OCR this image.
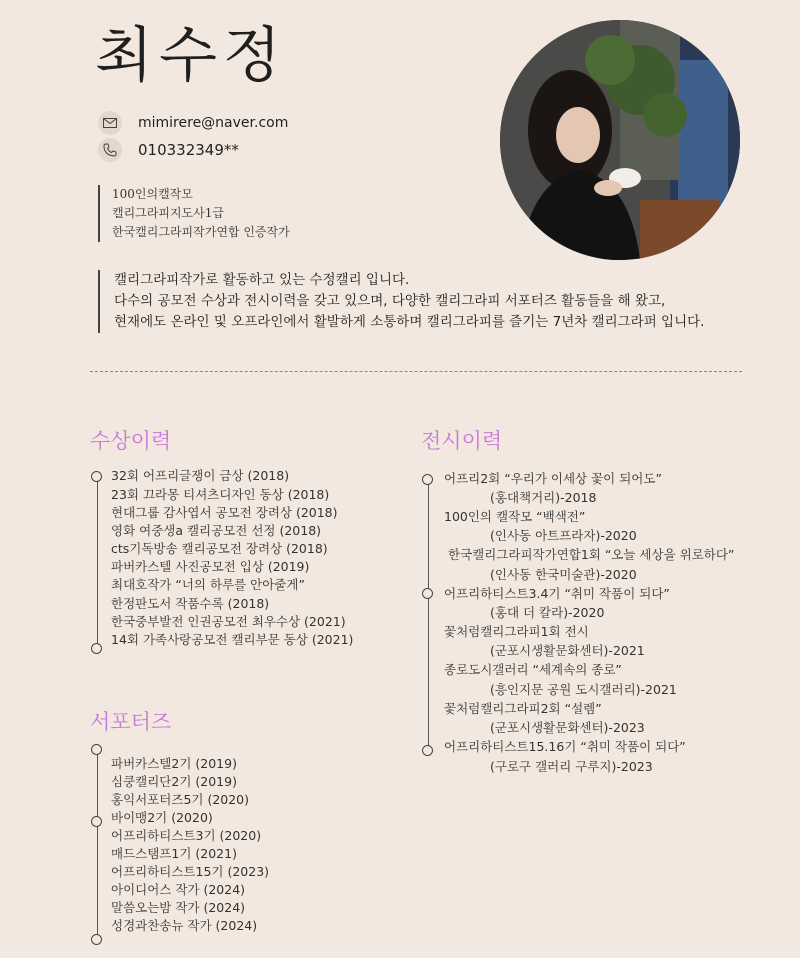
최수정
mimirere@naver.com
010332349**
100인의캘작모
캘리그라피지도사1급
한국캘리그라피작가연합 인증작가
캘리그라피작가로 활동하고 있는 수정캘리 입니다.
다수의 공모전 수상과 전시이력을 갖고 있으며, 다양한 캘리그라피 서포터즈 활동들을 해 왔고,
현재에도 온라인 및 오프라인에서 활발하게 소통하며 캘리그라피를 즐기는 7년차 캘리그라퍼 입니다.
수상이력
32회 어프리글쟁이 금상 (2018)
23회 끄라몽 티셔츠디자인 동상 (2018)
현대그룹 감사엽서 공모전 장려상 (2018)
영화 여중생a 캘리공모전 선정 (2018)
cts기독방송 캘리공모전 장려상 (2018)
파버카스텔 사진공모전 입상 (2019)
최대호작가 “너의 하루를 안아줄게”
한정판도서 작품수록 (2018)
한국중부발전 인권공모전 최우수상 (2021)
14회 가족사랑공모전 캘리부문 동상 (2021)
서포터즈
파버카스텔2기 (2019)
심쿵캘리단2기 (2019)
홍익서포터즈5기 (2020)
바이맹2기 (2020)
어프리하티스트3기 (2020)
매드스탬프1기 (2021)
어프리하티스트15기 (2023)
아이디어스 작가 (2024)
말씀오는밤 작가 (2024)
성경과찬송뉴 작가 (2024)
전시이력
어프리2회 “우리가 이세상 꽃이 되어도”
(홍대책거리)-2018
100인의 캘작모 “백색전”
(인사동 아트프라자)-2020
한국캘리그라피작가연합1회 “오늘 세상을 위로하다”
(인사동 한국미술관)-2020
어프리하티스트3.4기 “취미 작품이 되다”
(홍대 더 칼라)-2020
꽃처럼캘리그라피1회 전시
(군포시생활문화센터)-2021
종로도시갤러리 “세계속의 종로”
(흥인지문 공원 도시갤러리)-2021
꽃처럼캘리그라피2회 “설렘”
(군포시생활문화센터)-2023
어프리하티스트15.16기 “취미 작품이 되다”
(구로구 갤러리 구루지)-2023
